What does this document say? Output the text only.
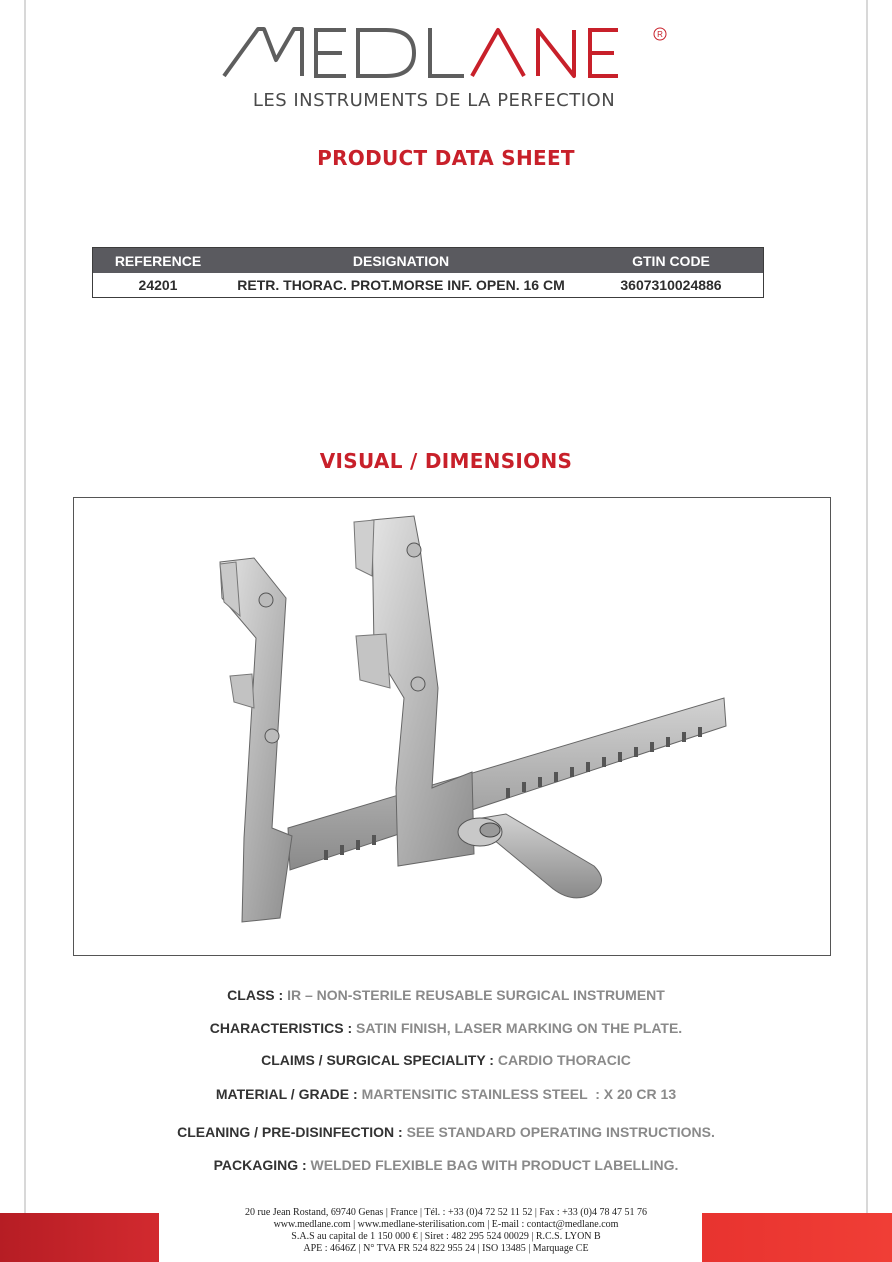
R
LES INSTRUMENTS DE LA PERFECTION
PRODUCT DATA SHEET
REFERENCE	DESIGNATION	GTIN CODE
24201	RETR. THORAC. PROT.MORSE INF. OPEN. 16 CM	3607310024886
VISUAL / DIMENSIONS
CLASS : IR – NON-STERILE REUSABLE SURGICAL INSTRUMENT
CHARACTERISTICS : SATIN FINISH, LASER MARKING ON THE PLATE.
CLAIMS / SURGICAL SPECIALITY : CARDIO THORACIC
MATERIAL / GRADE : MARTENSITIC STAINLESS STEEL  : X 20 CR 13
CLEANING / PRE-DISINFECTION : SEE STANDARD OPERATING INSTRUCTIONS.
PACKAGING : WELDED FLEXIBLE BAG WITH PRODUCT LABELLING.
20 rue Jean Rostand, 69740 Genas | France | Tél. : +33 (0)4 72 52 11 52 | Fax : +33 (0)4 78 47 51 76
www.medlane.com | www.medlane-sterilisation.com | E-mail : contact@medlane.com
S.A.S au capital de 1 150 000 € | Siret : 482 295 524 00029 | R.C.S. LYON B
APE : 4646Z | N° TVA FR 524 822 955 24 | ISO 13485 | Marquage CE
